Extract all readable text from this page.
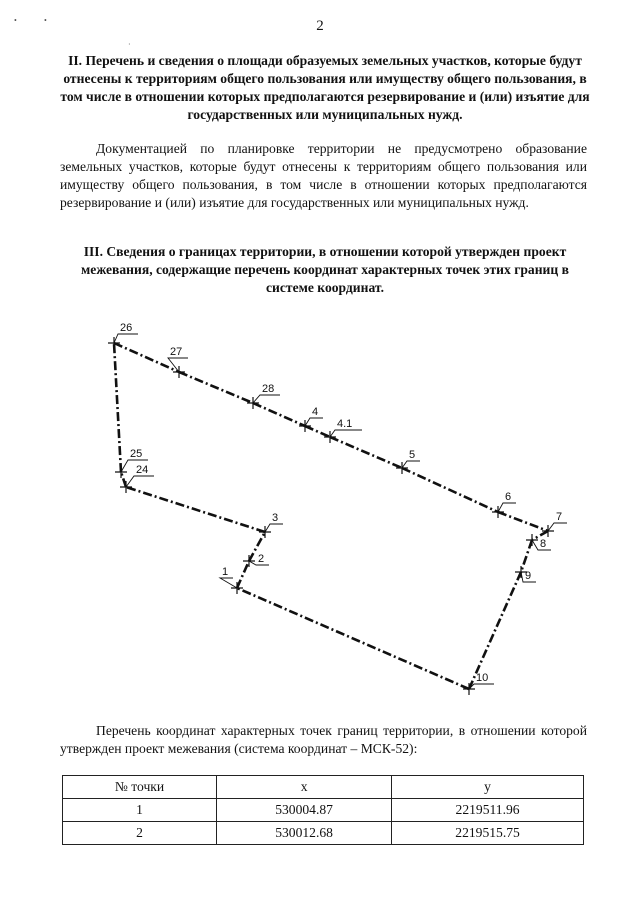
•	•
·
2

II. Перечень и сведения о площади образуемых земельных участков, которые будут отнесены к территориям общего пользования или имуществу общего пользования, в том числе в отношении которых предполагаются резервирование и (или) изъятие для государственных или муниципальных нужд.

Документацией по планировке территории не предусмотрено образование земельных участков, которые будут отнесены к территориям общего пользования или имуществу общего пользования, в том числе в отношении которых предполагаются резервирование и (или) изъятие для государственных или муниципальных нужд.

III. Сведения о границах территории, в отношении которой утвержден проект межевания, содержащие перечень координат характерных точек этих границ в системе координат.

1
2
3
24
25
26
27
28
4
4.1
5
6
7
8
9
10

Перечень координат характерных точек границ территории, в отношении которой утвержден проект межевания (система координат – МСК-52):

№ точки	x	y
1	530004.87	2219511.96
2	530012.68	2219515.75
